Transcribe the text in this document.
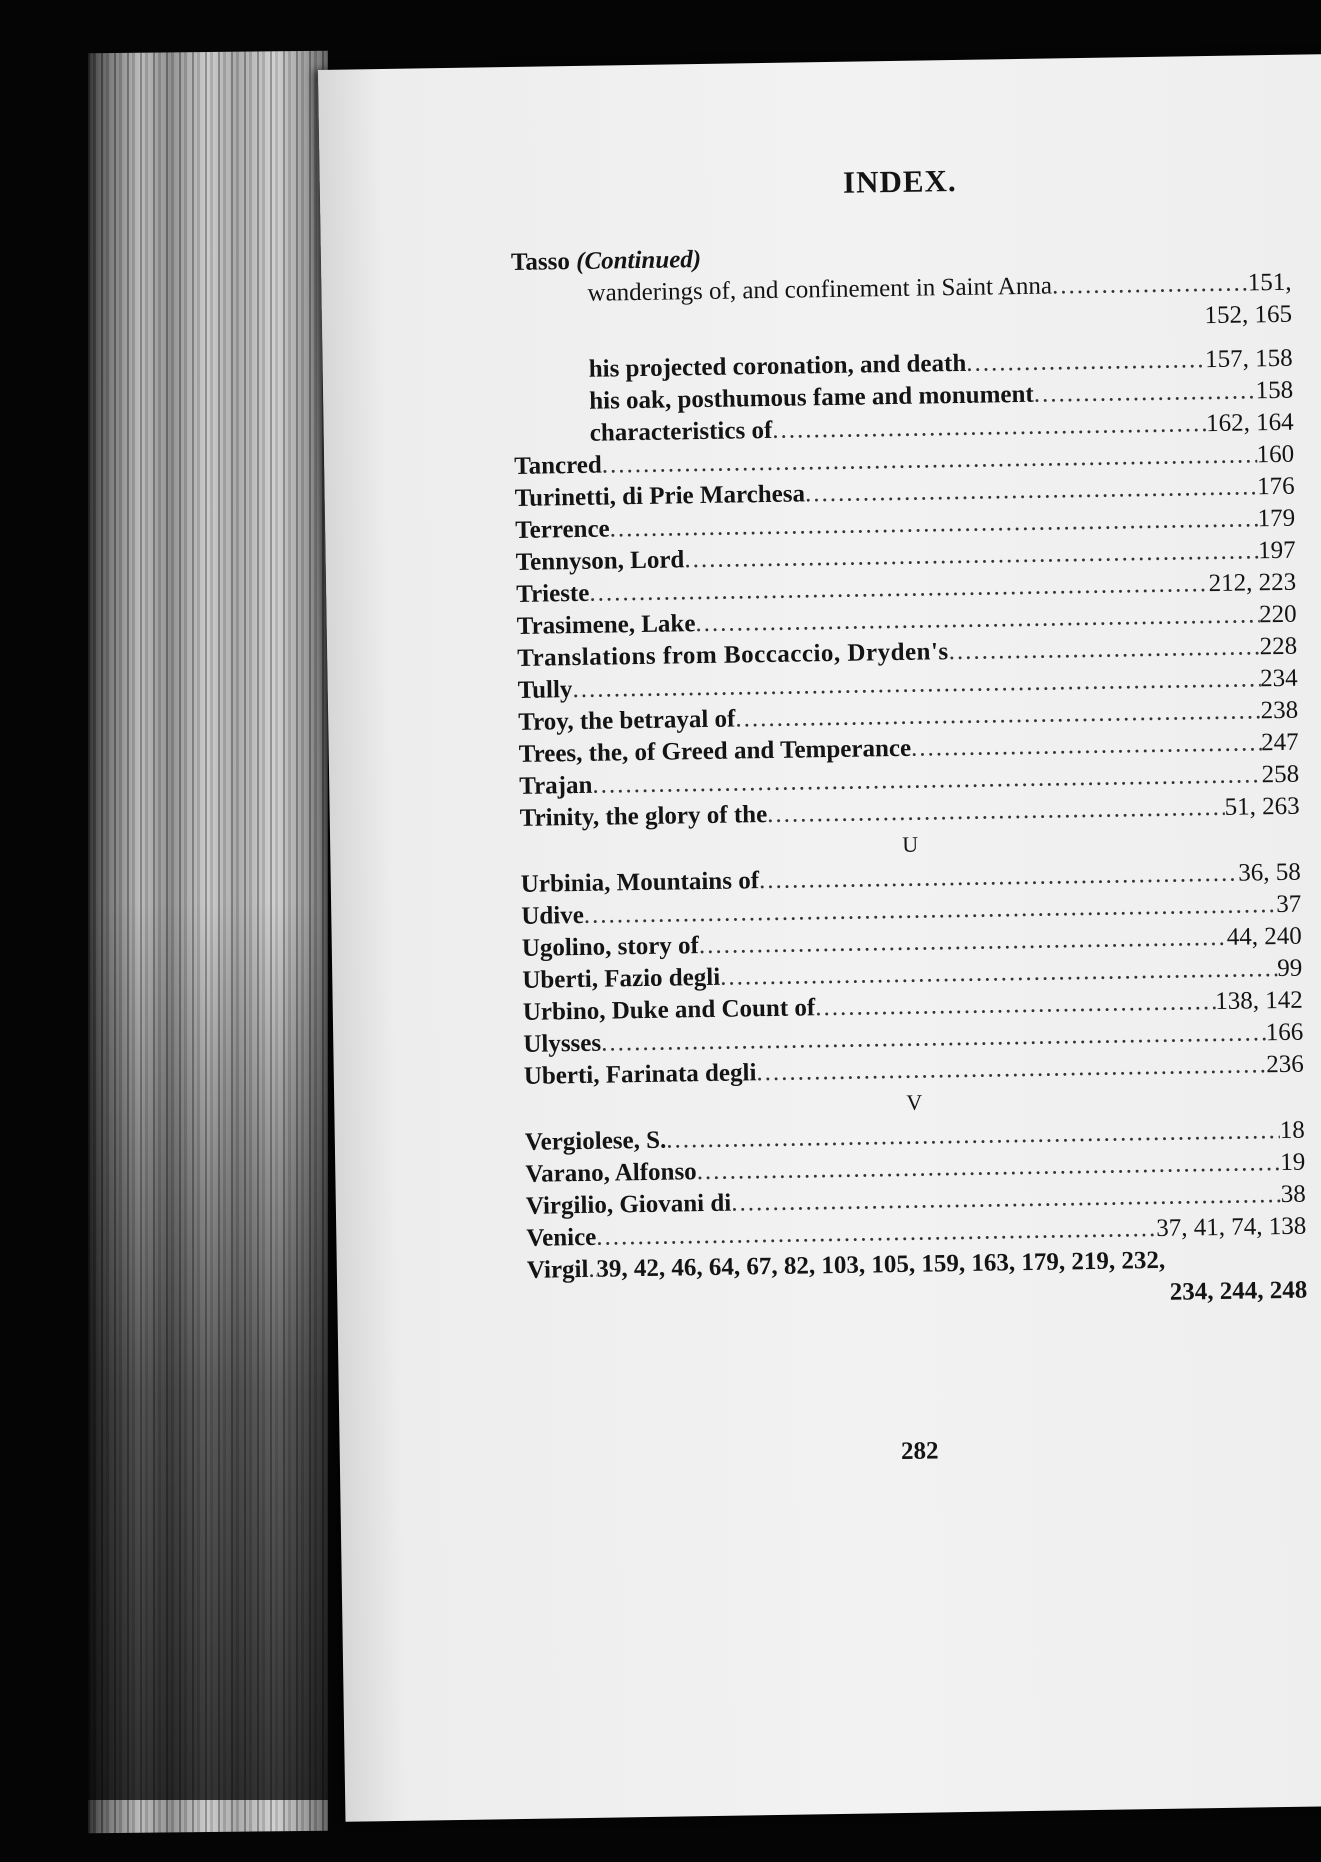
INDEX.
Tasso (Continued)
wanderings of, and confinement in Saint Anna .....	151,
152, 165
his projected coronation, and death .....	157, 158
his oak, posthumous fame and monument .....	158
characteristics of .....	162, 164
Tancred .....	160
Turinetti, di Prie Marchesa .....	176
Terrence .....	179
Tennyson, Lord .....	197
Trieste .....	212, 223
Trasimene, Lake .....	220
Translations from Boccaccio, Dryden's .....	228
Tully .....	234
Troy, the betrayal of .....	238
Trees, the, of Greed and Temperance .....	247
Trajan .....	258
Trinity, the glory of the .....	51, 263
U
Urbinia, Mountains of .....	36, 58
Udive .....	37
Ugolino, story of .....	44, 240
Uberti, Fazio degli .....	99
Urbino, Duke and Count of .....	138, 142
Ulysses .....	166
Uberti, Farinata degli .....	236
V
Vergiolese, S. .....	18
Varano, Alfonso .....	19
Virgilio, Giovani di .....	38
Venice .....	37, 41, 74, 138
Virgil ..... 39, 42, 46, 64, 67, 82, 103, 105, 159, 163, 179, 219, 232,
234, 244, 248
282
